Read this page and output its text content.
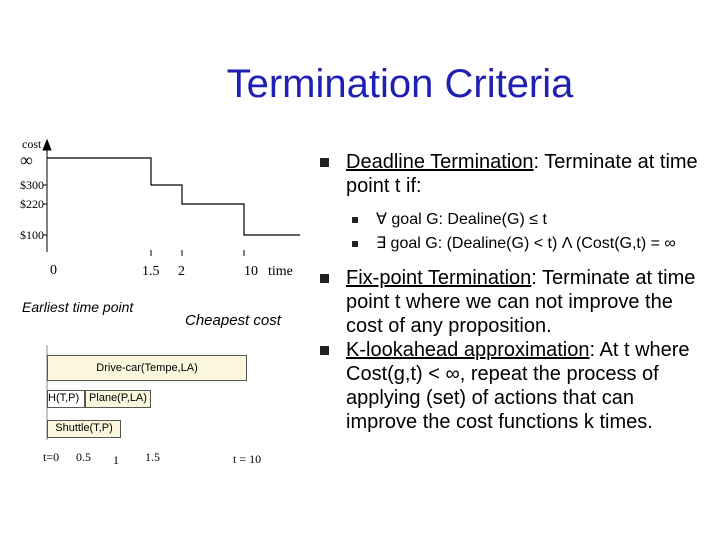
Termination Criteria
cost
∞
$300
$220
$100
0	1.5 2	10 time
Earliest time point
Cheapest cost
Drive-car(Tempe,LA)
H(T,P) Plane(P,LA)
Shuttle(T,P)
t=0 0.5 1 1.5	t = 10
Deadline Termination: Terminate at time point t if:
∀ goal G: Dealine(G) ≤ t
∃ goal G: (Dealine(G) < t) Λ (Cost(G,t) = ∞
Fix-point Termination: Terminate at time point t where we can not improve the cost of any proposition.
K-lookahead approximation: At t where Cost(g,t) < ∞, repeat the process of applying (set) of actions that can improve the cost functions k times.
